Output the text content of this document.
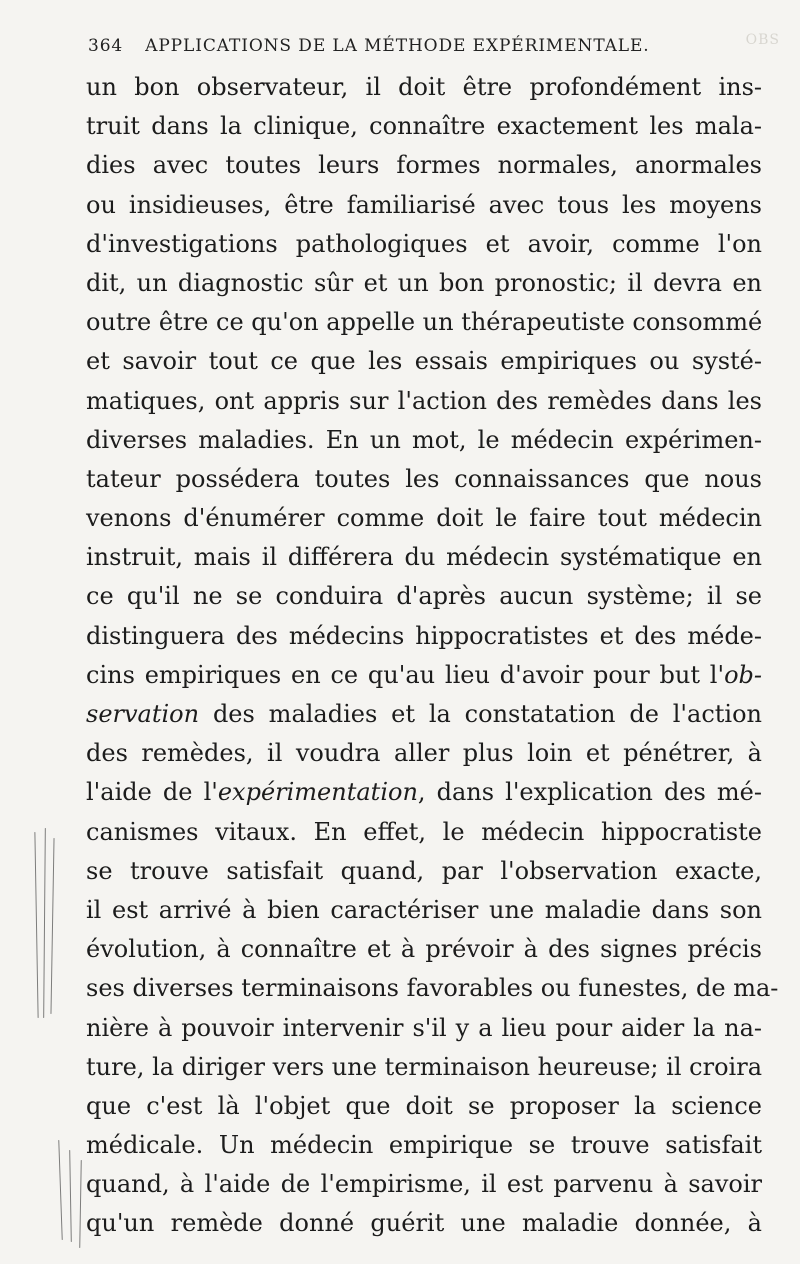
OBS
364 APPLICATIONS DE LA MÉTHODE EXPÉRIMENTALE.
un bon observateur, il doit être profondément ins-
truit dans la clinique, connaître exactement les mala-
dies avec toutes leurs formes normales, anormales
ou insidieuses, être familiarisé avec tous les moyens
d'investigations pathologiques et avoir, comme l'on
dit, un diagnostic sûr et un bon pronostic; il devra en
outre être ce qu'on appelle un thérapeutiste consommé
et savoir tout ce que les essais empiriques ou systé-
matiques, ont appris sur l'action des remèdes dans les
diverses maladies. En un mot, le médecin expérimen-
tateur possédera toutes les connaissances que nous
venons d'énumérer comme doit le faire tout médecin
instruit, mais il différera du médecin systématique en
ce qu'il ne se conduira d'après aucun système; il se
distinguera des médecins hippocratistes et des méde-
cins empiriques en ce qu'au lieu d'avoir pour but l'ob-
servation des maladies et la constatation de l'action
des remèdes, il voudra aller plus loin et pénétrer, à
l'aide de l'expérimentation, dans l'explication des mé-
canismes vitaux. En effet, le médecin hippocratiste
se trouve satisfait quand, par l'observation exacte,
il est arrivé à bien caractériser une maladie dans son
évolution, à connaître et à prévoir à des signes précis
ses diverses terminaisons favorables ou funestes, de ma-
nière à pouvoir intervenir s'il y a lieu pour aider la na-
ture, la diriger vers une terminaison heureuse; il croira
que c'est là l'objet que doit se proposer la science
médicale. Un médecin empirique se trouve satisfait
quand, à l'aide de l'empirisme, il est parvenu à savoir
qu'un remède donné guérit une maladie donnée, à
